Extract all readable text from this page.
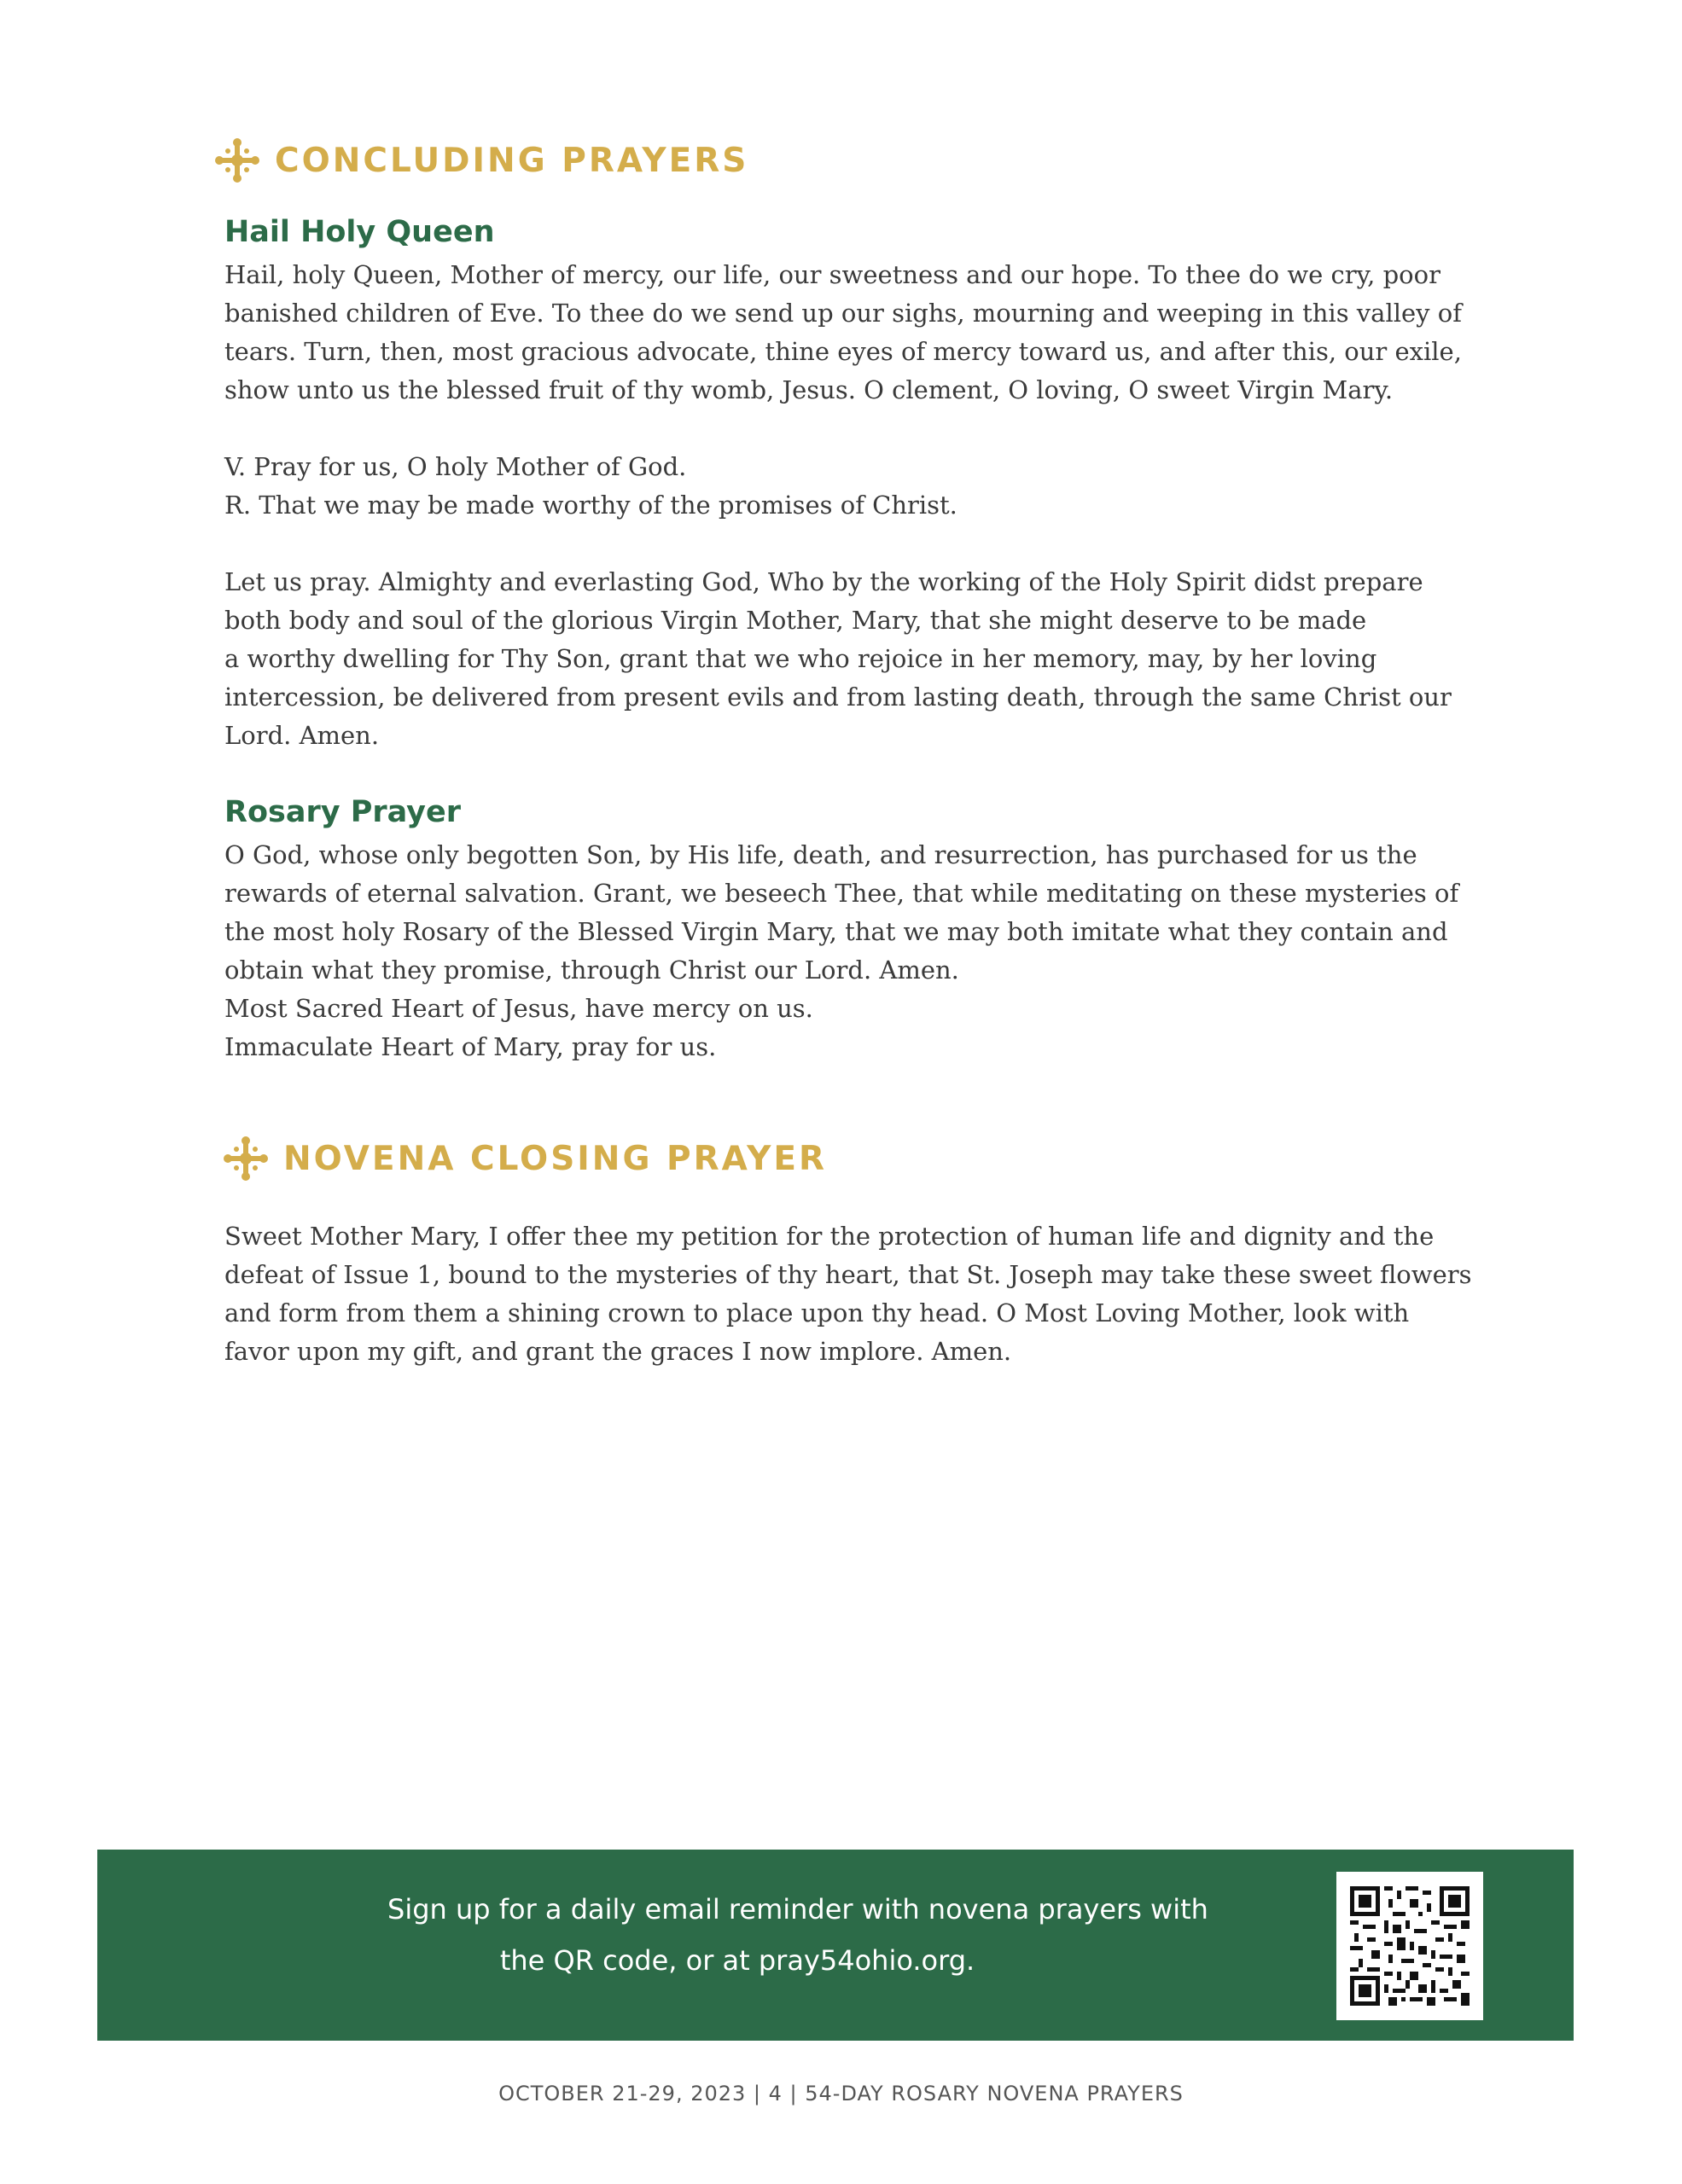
CONCLUDING PRAYERS
Hail Holy Queen
Hail, holy Queen, Mother of mercy, our life, our sweetness and our hope. To thee do we cry, poor
banished children of Eve. To thee do we send up our sighs, mourning and weeping in this valley of
tears. Turn, then, most gracious advocate, thine eyes of mercy toward us, and after this, our exile,
show unto us the blessed fruit of thy womb, Jesus. O clement, O loving, O sweet Virgin Mary.
V. Pray for us, O holy Mother of God.
R. That we may be made worthy of the promises of Christ.
Let us pray. Almighty and everlasting God, Who by the working of the Holy Spirit didst prepare
both body and soul of the glorious Virgin Mother, Mary, that she might deserve to be made
a worthy dwelling for Thy Son, grant that we who rejoice in her memory, may, by her loving
intercession, be delivered from present evils and from lasting death, through the same Christ our
Lord. Amen.
Rosary Prayer
O God, whose only begotten Son, by His life, death, and resurrection, has purchased for us the
rewards of eternal salvation. Grant, we beseech Thee, that while meditating on these mysteries of
the most holy Rosary of the Blessed Virgin Mary, that we may both imitate what they contain and
obtain what they promise, through Christ our Lord. Amen.
Most Sacred Heart of Jesus, have mercy on us.
Immaculate Heart of Mary, pray for us.
NOVENA CLOSING PRAYER
Sweet Mother Mary, I offer thee my petition for the protection of human life and dignity and the
defeat of Issue 1, bound to the mysteries of thy heart, that St. Joseph may take these sweet flowers
and form from them a shining crown to place upon thy head. O Most Loving Mother, look with
favor upon my gift, and grant the graces I now implore. Amen.
Sign up for a daily email reminder with novena prayers with
the QR code, or at pray54ohio.org.
OCTOBER 21-29, 2023 | 4 | 54-DAY ROSARY NOVENA PRAYERS
